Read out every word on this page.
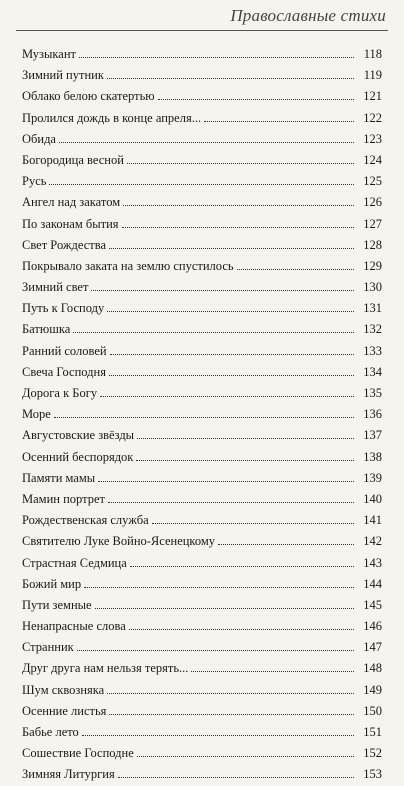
Православные стихи
Музыкант	118
Зимний путник	119
Облако белою скатертью	121
Пролился дождь в конце апреля...	122
Обида	123
Богородица весной	124
Русь	125
Ангел над закатом	126
По законам бытия	127
Свет Рождества	128
Покрывало заката на землю спустилось	129
Зимний свет	130
Путь к Господу	131
Батюшка	132
Ранний соловей	133
Свеча Господня	134
Дорога к Богу	135
Море	136
Августовские звёзды	137
Осенний беспорядок	138
Памяти мамы	139
Мамин портрет	140
Рождественская служба	141
Святителю Луке Войно-Ясенецкому	142
Страстная Седмица	143
Божий мир	144
Пути земные	145
Ненапрасные слова	146
Странник	147
Друг друга нам нельзя терять...	148
Шум сквозняка	149
Осенние листья	150
Бабье лето	151
Сошествие Господне	152
Зимняя Литургия	153
